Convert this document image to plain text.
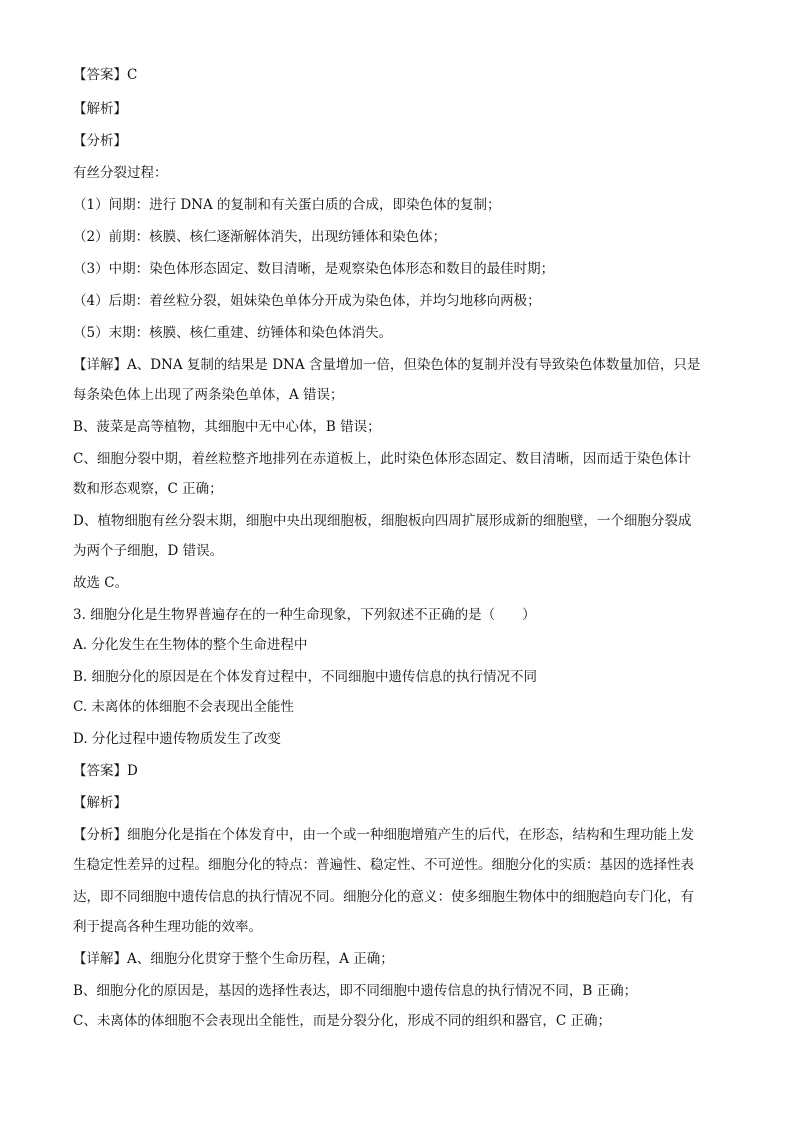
【答案】C
【解析】
【分析】
有丝分裂过程：
（1）间期：进行 DNA 的复制和有关蛋白质的合成，即染色体的复制；
（2）前期：核膜、核仁逐渐解体消失，出现纺锤体和染色体；
（3）中期：染色体形态固定、数目清晰，是观察染色体形态和数目的最佳时期；
（4）后期：着丝粒分裂，姐妹染色单体分开成为染色体，并均匀地移向两极；
（5）末期：核膜、核仁重建、纺锤体和染色体消失。
【详解】A、DNA 复制的结果是 DNA 含量增加一倍，但染色体的复制并没有导致染色体数量加倍，只是
每条染色体上出现了两条染色单体，A 错误；
B、菠菜是高等植物，其细胞中无中心体，B 错误；
C、细胞分裂中期，着丝粒整齐地排列在赤道板上，此时染色体形态固定、数目清晰，因而适于染色体计
数和形态观察，C 正确；
D、植物细胞有丝分裂末期，细胞中央出现细胞板，细胞板向四周扩展形成新的细胞壁，一个细胞分裂成
为两个子细胞，D 错误。
故选 C。
3. 细胞分化是生物界普遍存在的一种生命现象，下列叙述不正确的是（　　）
A. 分化发生在生物体的整个生命进程中
B. 细胞分化的原因是在个体发育过程中，不同细胞中遗传信息的执行情况不同
C. 未离体的体细胞不会表现出全能性
D. 分化过程中遗传物质发生了改变
【答案】D
【解析】
【分析】细胞分化是指在个体发育中，由一个或一种细胞增殖产生的后代，在形态，结构和生理功能上发
生稳定性差异的过程。细胞分化的特点：普遍性、稳定性、不可逆性。细胞分化的实质：基因的选择性表
达，即不同细胞中遗传信息的执行情况不同。细胞分化的意义：使多细胞生物体中的细胞趋向专门化，有
利于提高各种生理功能的效率。
【详解】A、细胞分化贯穿于整个生命历程，A 正确；
B、细胞分化的原因是，基因的选择性表达，即不同细胞中遗传信息的执行情况不同，B 正确；
C、未离体的体细胞不会表现出全能性，而是分裂分化，形成不同的组织和器官，C 正确；
